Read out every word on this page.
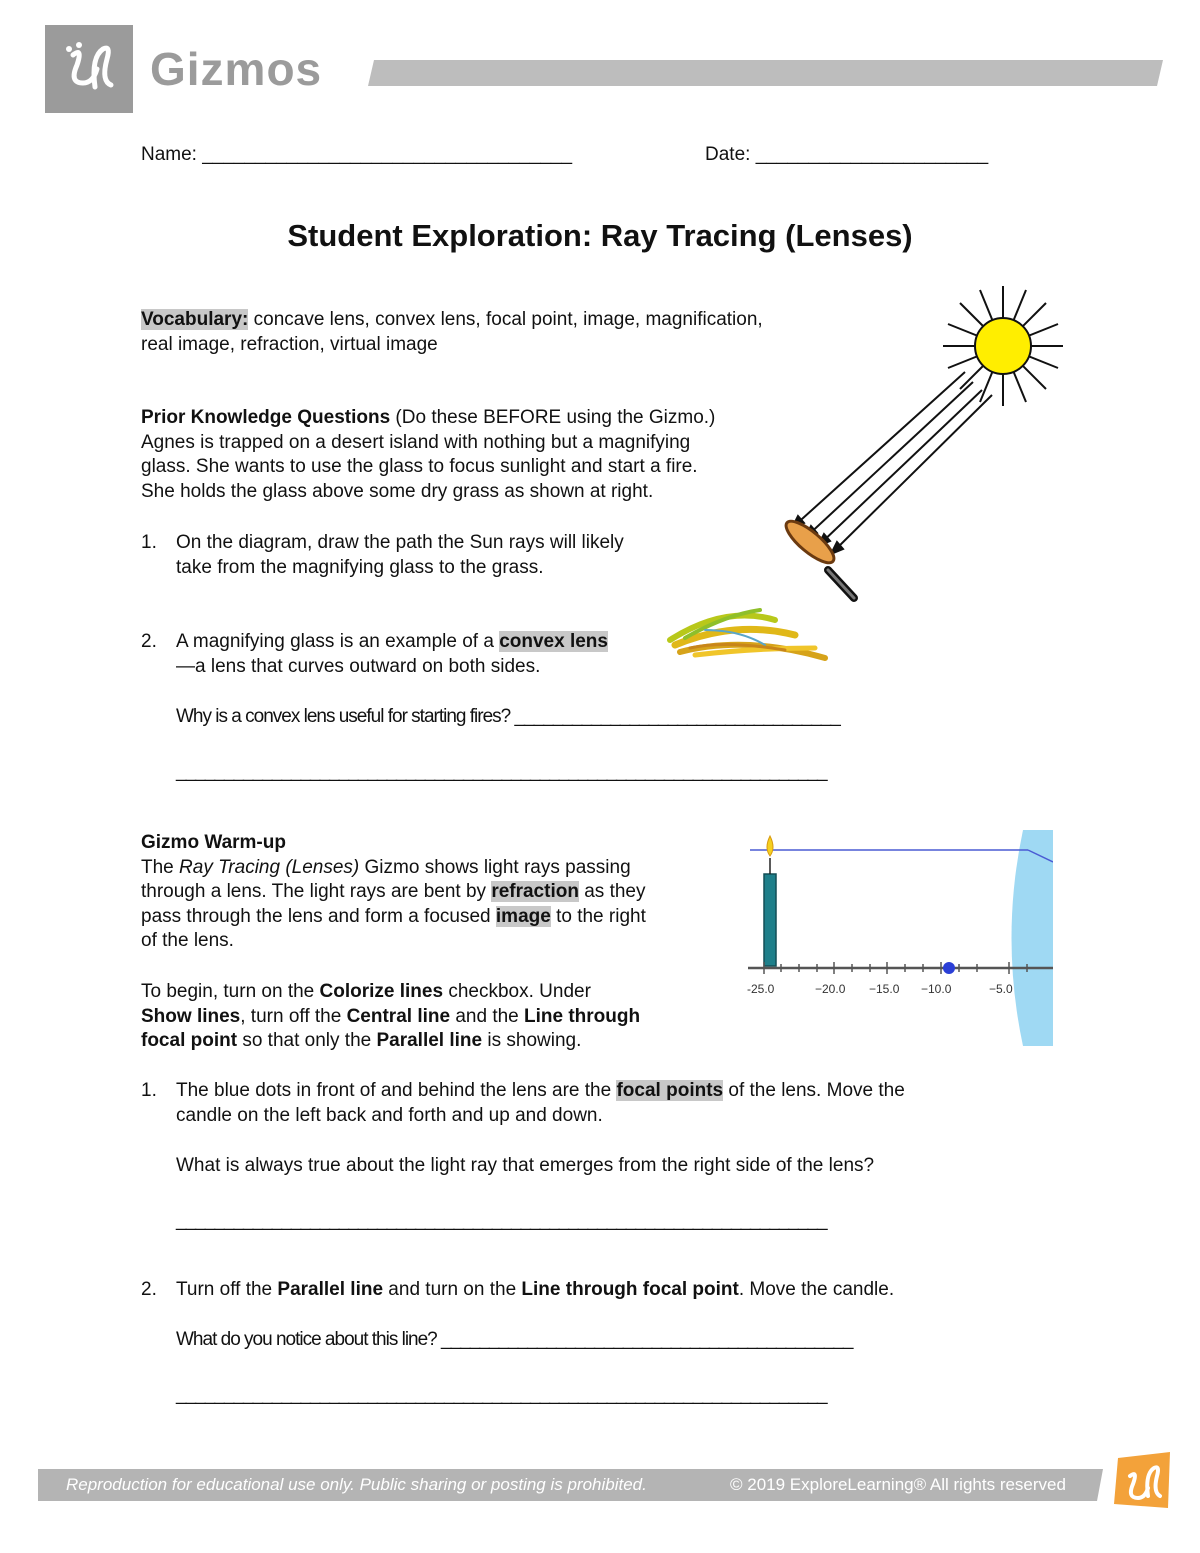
Gizmos
Name: ___________________________________	Date: ______________________
Student Exploration: Ray Tracing (Lenses)
Vocabulary: concave lens, convex lens, focal point, image, magnification,
real image, refraction, virtual image
Prior Knowledge Questions (Do these BEFORE using the Gizmo.)
Agnes is trapped on a desert island with nothing but a magnifying
glass. She wants to use the glass to focus sunlight and start a fire.
She holds the glass above some dry grass as shown at right.
1. On the diagram, draw the path the Sun rays will likely
take from the magnifying glass to the grass.
2. A magnifying glass is an example of a convex lens
—a lens that curves outward on both sides.
Why is a convex lens useful for starting fires? __________________________________
____________________________________________________________________
Gizmo Warm-up
The Ray Tracing (Lenses) Gizmo shows light rays passing
through a lens. The light rays are bent by refraction as they
pass through the lens and form a focused image to the right
of the lens.
To begin, turn on the Colorize lines checkbox. Under
Show lines, turn off the Central line and the Line through
focal point so that only the Parallel line is showing.
-25.0	−20.0 −15.0 −10.0	−5.0
1. The blue dots in front of and behind the lens are the focal points of the lens. Move the
candle on the left back and forth and up and down.
What is always true about the light ray that emerges from the right side of the lens?
____________________________________________________________________
2. Turn off the Parallel line and turn on the Line through focal point. Move the candle.
What do you notice about this line? ___________________________________________
____________________________________________________________________
Reproduction for educational use only. Public sharing or posting is prohibited.	© 2019 ExploreLearning® All rights reserved
